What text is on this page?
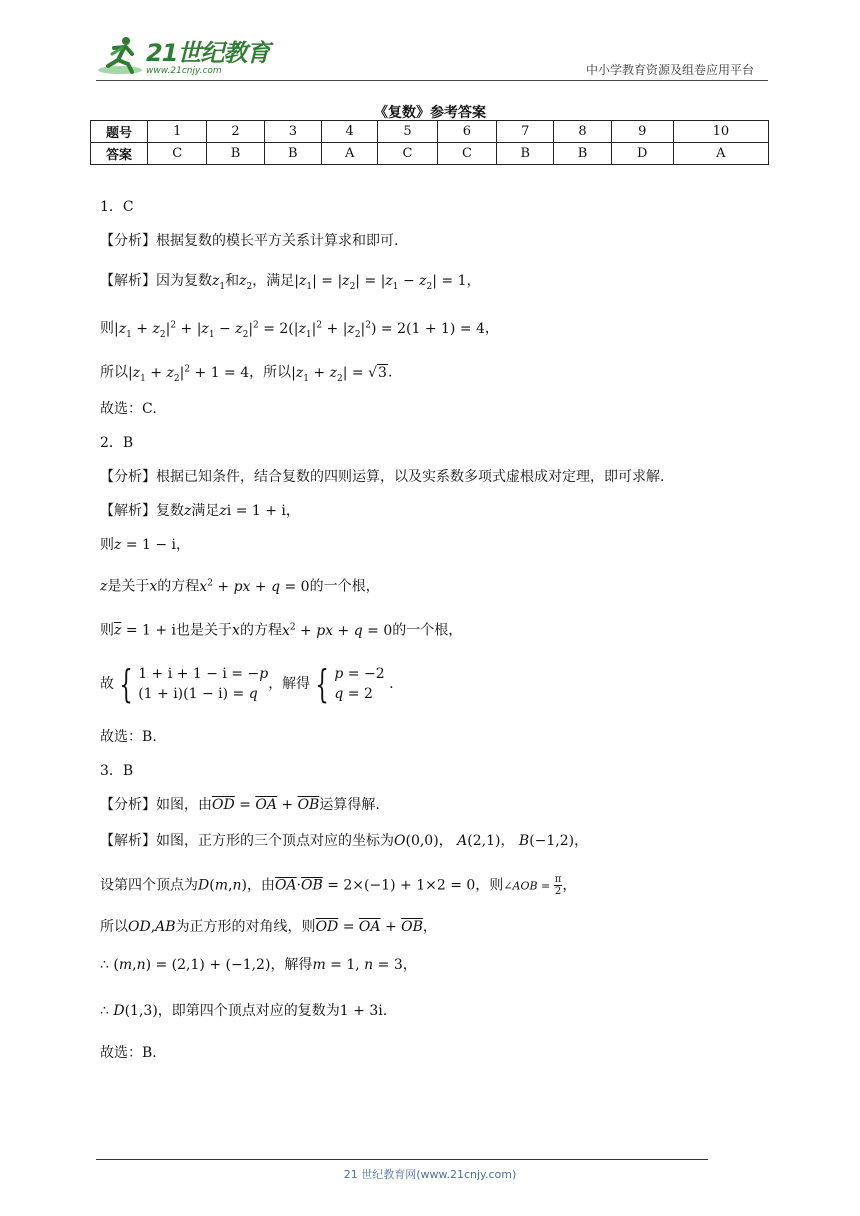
21世纪教育
www.21cnjy.com	中小学教育资源及组卷应用平台
《复数》参考答案
题号	1	2	3	4	5	6	7	8	9	10
答案	C	B	B	A	C	C	B	B	D	A
1．C
【分析】根据复数的模长平方关系计算求和即可.
【解析】因为复数$z_1$和$z_2$，满足$|z_1| = |z_2| = |z_1 - z_2| = 1$，
则$|z_1 + z_2|^2 + |z_1 - z_2|^2 = 2(|z_1|^2 + |z_2|^2) = 2(1 + 1) = 4$，
所以$|z_1 + z_2|^2 + 1 = 4$，所以$|z_1 + z_2| = √3$.
故选：C.
2．B
【分析】根据已知条件，结合复数的四则运算，以及实系数多项式虚根成对定理，即可求解.
【解析】复数z满足zi = 1 + i，
则z = 1 − i，
z是关于x的方程$x^2$ + px + q = 0的一个根，
则$\overline{z} = 1 + i$也是关于x的方程$x^2$ + px + q = 0的一个根，
故 { 1 + i + 1 − i = −p
(1 + i)(1 − i) = q
，解得 { p = −2
q = 2
.
故选：B.
3．B
【分析】如图，由$\overline{OD} = \overline{OA} + \overline{OB}$运算得解.
【解析】如图，正方形的三个顶点对应的坐标为O(0,0)， A(2,1)， B(−1,2)，
设第四个顶点为D(m,n)，由$\overline{OA}\cdot\overline{OB} = 2\times(-1) + 1\times 2 = 0$，则∠AOB = $\frac{\pi}{2}$ ，
所以OD,AB为正方形的对角线，则$\overline{OD} = \overline{OA} + \overline{OB}$，
∴ (m,n) = (2,1) + (−1,2)，解得m = 1, n = 3，
∴ D(1,3)，即第四个顶点对应的复数为1 + 3i.
故选：B.
21 世纪教育网(www.21cnjy.com)
